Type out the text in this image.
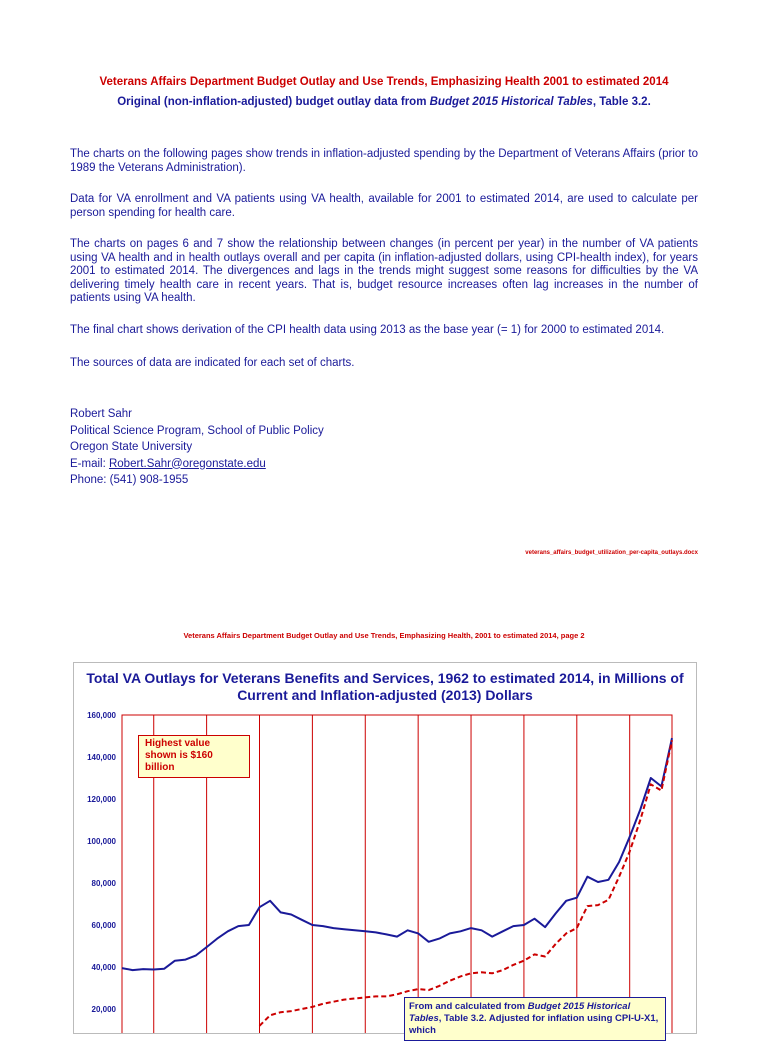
Veterans Affairs Department Budget Outlay and Use Trends, Emphasizing Health 2001 to estimated 2014
Original (non-inflation-adjusted) budget outlay data from Budget 2015 Historical Tables, Table 3.2.
The charts on the following pages show trends in inflation-adjusted spending by the Department of Veterans Affairs (prior to 1989 the Veterans Administration).
Data for VA enrollment and VA patients using VA health, available for 2001 to estimated 2014, are used to calculate per person spending for health care.
The charts on pages 6 and 7 show the relationship between changes (in percent per year) in the number of VA patients using VA health and in health outlays overall and per capita (in inflation-adjusted dollars, using CPI-health index), for years 2001 to estimated 2014. The divergences and lags in the trends might suggest some reasons for difficulties by the VA delivering timely health care in recent years. That is, budget resource increases often lag increases in the number of patients using VA health.
The final chart shows derivation of the CPI health data using 2013 as the base year (= 1) for 2000 to estimated 2014.
The sources of data are indicated for each set of charts.
Robert Sahr
Political Science Program, School of Public Policy
Oregon State University
E-mail: Robert.Sahr@oregonstate.edu
Phone: (541) 908-1955
veterans_affairs_budget_utilization_per-capita_outlays.docx
Veterans Affairs Department Budget Outlay and Use Trends, Emphasizing Health, 2001 to estimated 2014, page 2
20,000
40,000
60,000
80,000
100,000
120,000
140,000
160,000
Total VA Outlays for Veterans Benefits and Services, 1962 to estimated 2014, in Millions of Current and Inflation-adjusted (2013) Dollars
Highest value shown is $160 billion
From and calculated from Budget 2015 Historical Tables, Table 3.2. Adjusted for inflation using CPI-U-X1, which
